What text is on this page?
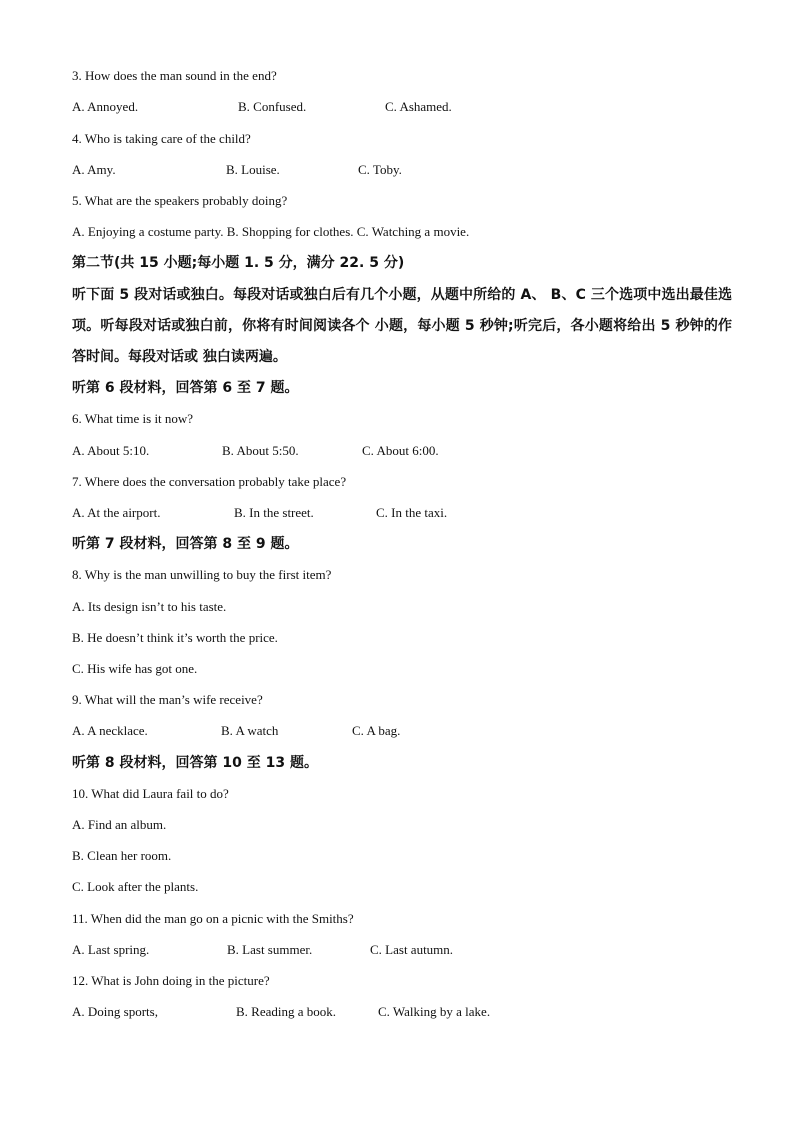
3. How does the man sound in the end?
A. Annoyed.	B. Confused.	C. Ashamed.
4. Who is taking care of the child?
A. Amy.	B. Louise.	C. Toby.
5. What are the speakers probably doing?
A. Enjoying a costume party. B. Shopping for clothes. C. Watching a movie.
第二节(共 15 小题;每小题 1. 5 分，满分 22. 5 分)
听下面 5 段对话或独白。每段对话或独白后有几个小题，从题中所给的 A、 B、C 三个选项中选出最佳选项。听每段对话或独白前，你将有时间阅读各个 小题，每小题 5 秒钟;听完后，各小题将给出 5 秒钟的作答时间。每段对话或 独白读两遍。
听第 6 段材料，回答第 6 至 7 题。
6. What time is it now?
A. About 5:10.	B. About 5:50.	C. About 6:00.
7. Where does the conversation probably take place?
A. At the airport.	B. In the street.	C. In the taxi.
听第 7 段材料，回答第 8 至 9 题。
8. Why is the man unwilling to buy the first item?
A. Its design isn’t to his taste.
B. He doesn’t think it’s worth the price.
C. His wife has got one.
9. What will the man’s wife receive?
A. A necklace.	B. A watch	C. A bag.
听第 8 段材料，回答第 10 至 13 题。
10. What did Laura fail to do?
A. Find an album.
B. Clean her room.
C. Look after the plants.
11. When did the man go on a picnic with the Smiths?
A. Last spring.	B. Last summer.	C. Last autumn.
12. What is John doing in the picture?
A. Doing sports,	B. Reading a book.	C. Walking by a lake.
